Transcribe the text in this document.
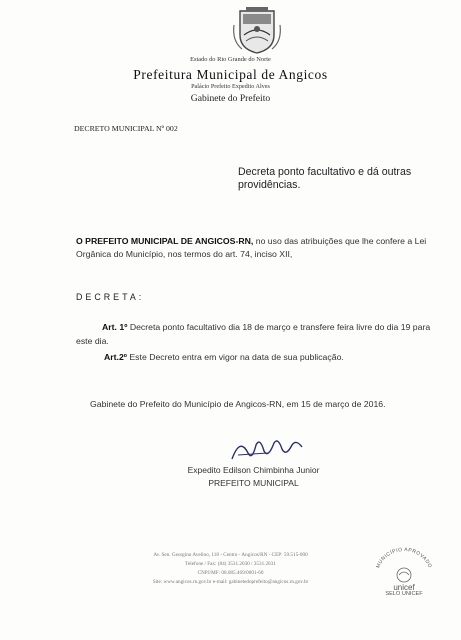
Estado do Rio Grande do Norte
Prefeitura Municipal de Angicos
Palácio Prefeito Expedito Alves
Gabinete do Prefeito
DECRETO MUNICIPAL Nº 002
Decreta ponto facultativo e dá outras providências.
O PREFEITO MUNICIPAL DE ANGICOS-RN, no uso das atribuições que lhe confere a Lei Orgânica do Município, nos termos do art. 74, inciso XII,
DECRETA:
Art. 1º Decreta ponto facultativo dia 18 de março e transfere feira livre do dia 19 para este dia.
Art.2º Este Decreto entra em vigor na data de sua publicação.
Gabinete do Prefeito do Município de Angicos-RN, em 15 de março de 2016.
Expedito Edilson Chimbinha Junior
PREFEITO MUNICIPAL
Av. Sen. Georgino Avelino, 118 - Centro - Angicos/RN - CEP: 59.515-000
Telefone / Fax: (84) 3531.2030 / 3531.2031
CNPJ/MF: 08.085.469/0001-60
Site: www.angicos.rn.gov.br e-mail: gabinetedoprefeito@angicos.rn.gov.br
MUNICÍPIO APROVADO
unicef
SELO UNICEF
